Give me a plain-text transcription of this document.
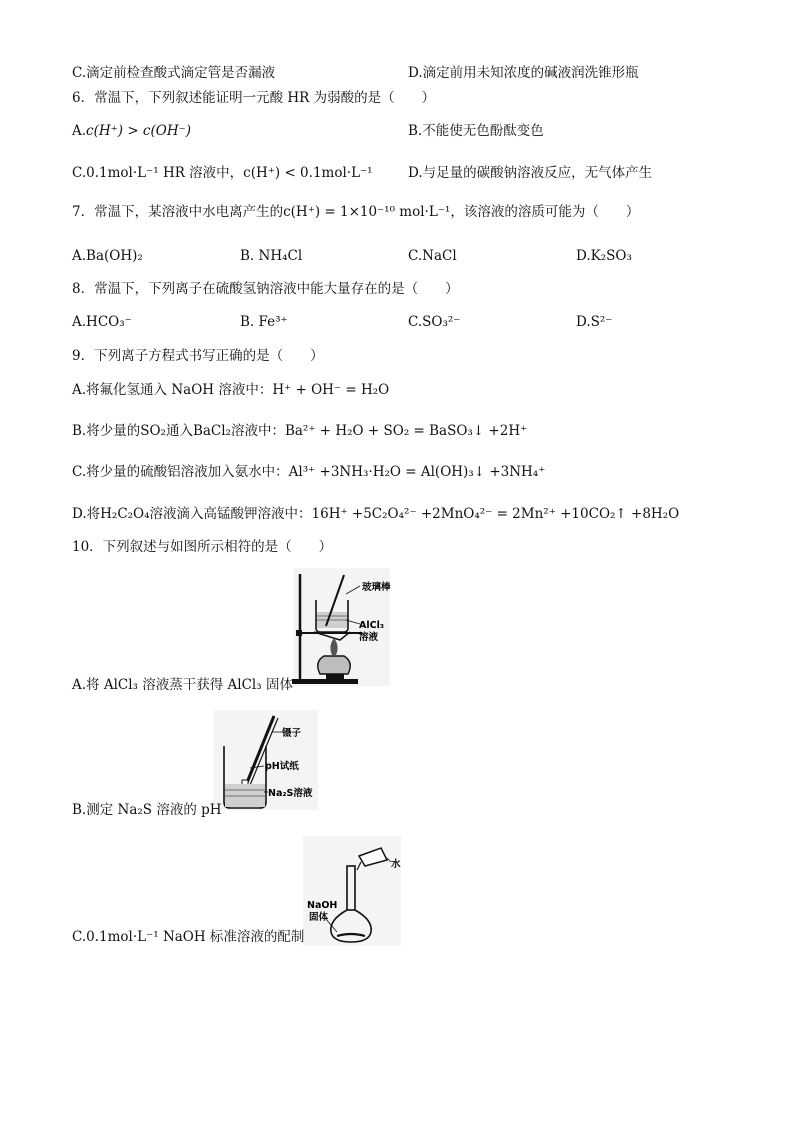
C.滴定前检查酸式滴定管是否漏液	D.滴定前用未知浓度的碱液润洗锥形瓶
6．常温下，下列叙述能证明一元酸 HR 为弱酸的是（　　）
A.c(H⁺) > c(OH⁻)	B.不能使无色酚酞变色
C.0.1mol·L⁻¹ HR 溶液中，c(H⁺) < 0.1mol·L⁻¹	D.与足量的碳酸钠溶液反应，无气体产生
7．常温下，某溶液中水电离产生的c(H⁺) = 1×10⁻¹⁰ mol·L⁻¹，该溶液的溶质可能为（　　）
A.Ba(OH)₂	B. NH₄Cl	C.NaCl	D.K₂SO₃
8．常温下，下列离子在硫酸氢钠溶液中能大量存在的是（　　）
A.HCO₃⁻	B. Fe³⁺	C.SO₃²⁻	D.S²⁻
9．下列离子方程式书写正确的是（　　）
A.将氟化氢通入 NaOH 溶液中：H⁺ + OH⁻ = H₂O
B.将少量的SO₂通入BaCl₂溶液中：Ba²⁺ + H₂O + SO₂ = BaSO₃↓ +2H⁺
C.将少量的硫酸铝溶液加入氨水中：Al³⁺ +3NH₃·H₂O = Al(OH)₃↓ +3NH₄⁺
D.将H₂C₂O₄溶液滴入高锰酸钾溶液中：16H⁺ +5C₂O₄²⁻ +2MnO₄²⁻ = 2Mn²⁺ +10CO₂↑ +8H₂O
10．下列叙述与如图所示相符的是（　　）
玻璃棒
AlCl₃
溶液
A.将 AlCl₃ 溶液蒸干获得 AlCl₃ 固体
镊子
pH试纸
Na₂S溶液
B.测定 Na₂S 溶液的 pH
水
NaOH
固体
C.0.1mol·L⁻¹ NaOH 标准溶液的配制
